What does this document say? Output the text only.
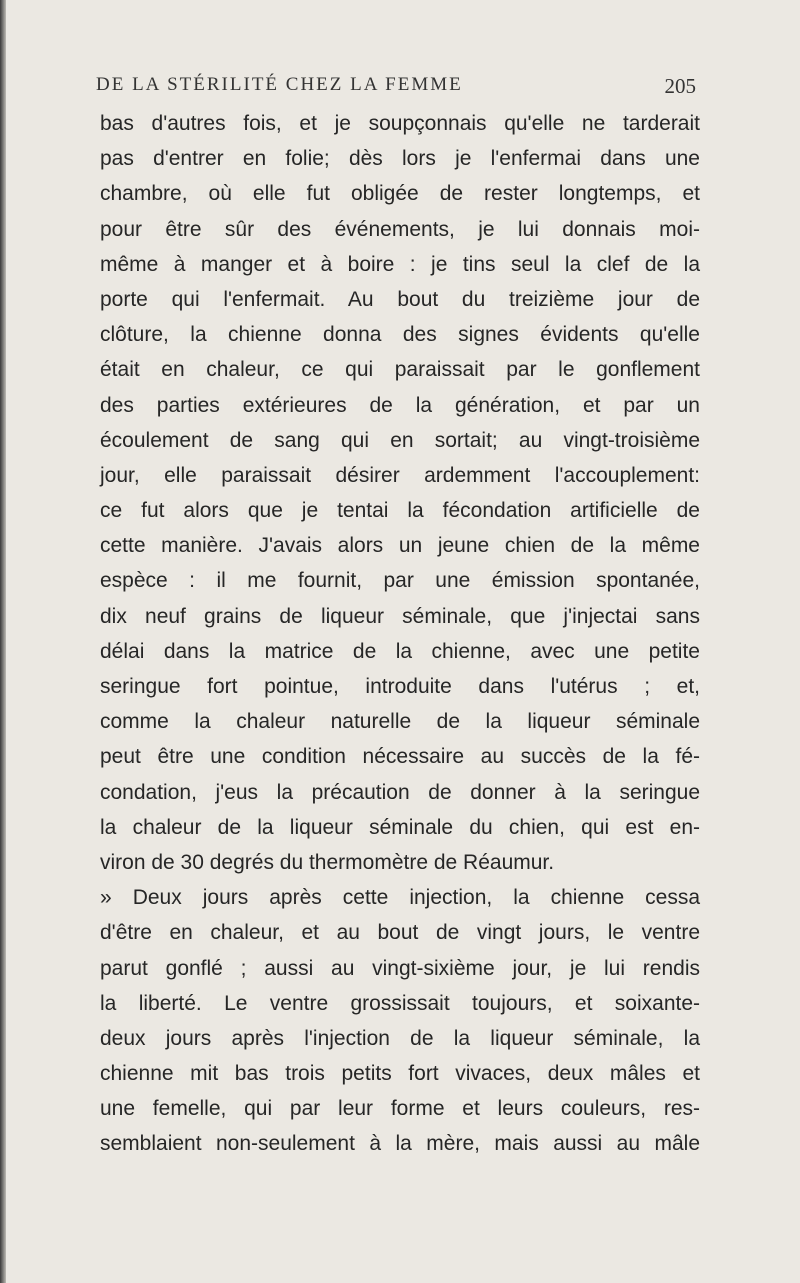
DE LA STÉRILITÉ CHEZ LA FEMME	205
bas d'autres fois, et je soupçonnais qu'elle ne tarderait
pas d'entrer en folie; dès lors je l'enfermai dans une
chambre, où elle fut obligée de rester longtemps, et
pour être sûr des événements, je lui donnais moi-
même à manger et à boire : je tins seul la clef de la
porte qui l'enfermait. Au bout du treizième jour de
clôture, la chienne donna des signes évidents qu'elle
était en chaleur, ce qui paraissait par le gonflement
des parties extérieures de la génération, et par un
écoulement de sang qui en sortait; au vingt-troisième
jour, elle paraissait désirer ardemment l'accouplement:
ce fut alors que je tentai la fécondation artificielle de
cette manière. J'avais alors un jeune chien de la même
espèce : il me fournit, par une émission spontanée,
dix neuf grains de liqueur séminale, que j'injectai sans
délai dans la matrice de la chienne, avec une petite
seringue fort pointue, introduite dans l'utérus ; et,
comme la chaleur naturelle de la liqueur séminale
peut être une condition nécessaire au succès de la fé-
condation, j'eus la précaution de donner à la seringue
la chaleur de la liqueur séminale du chien, qui est en-
viron de 30 degrés du thermomètre de Réaumur.
» Deux jours après cette injection, la chienne cessa
d'être en chaleur, et au bout de vingt jours, le ventre
parut gonflé ; aussi au vingt-sixième jour, je lui rendis
la liberté. Le ventre grossissait toujours, et soixante-
deux jours après l'injection de la liqueur séminale, la
chienne mit bas trois petits fort vivaces, deux mâles et
une femelle, qui par leur forme et leurs couleurs, res-
semblaient non-seulement à la mère, mais aussi au mâle
